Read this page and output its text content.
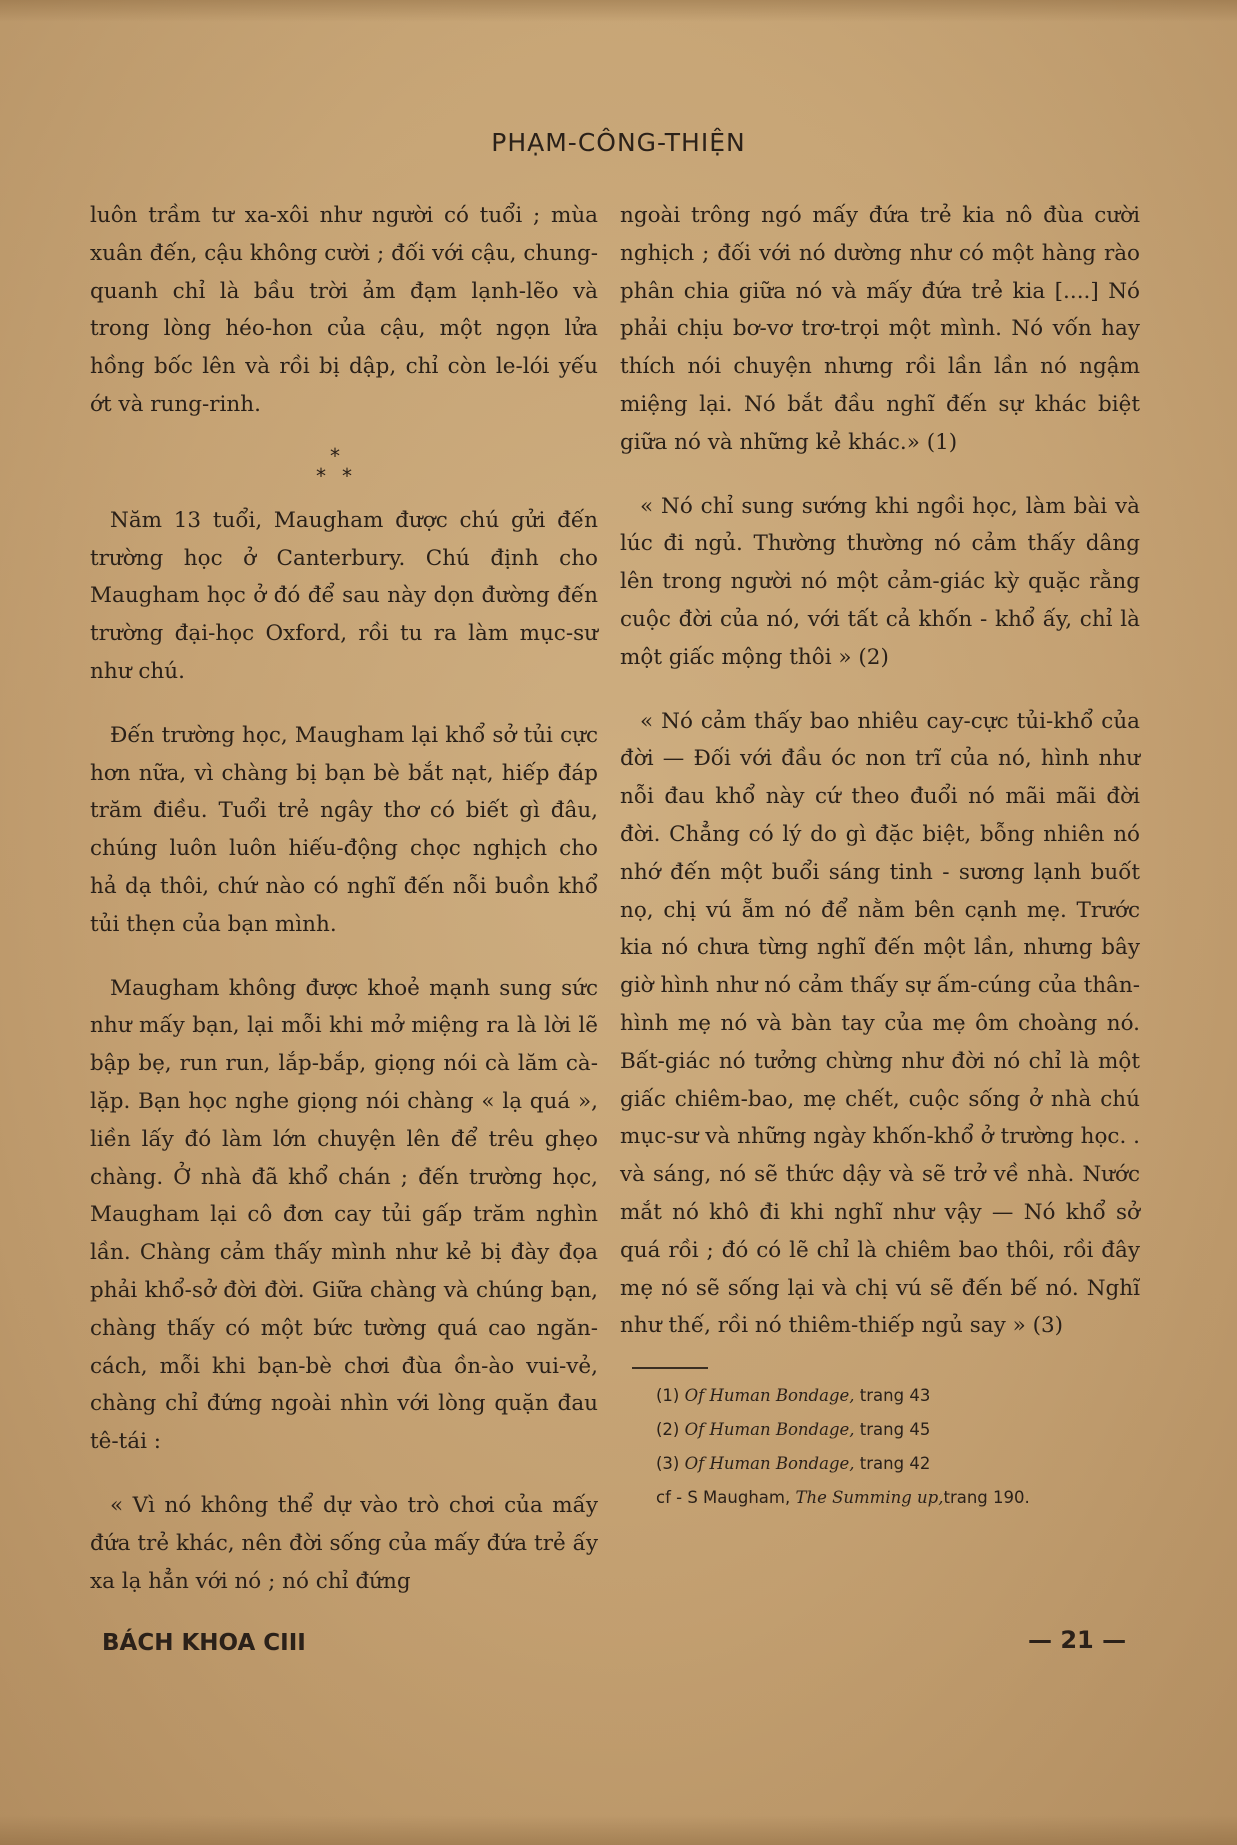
PHẠM-CÔNG-THIỆN

luôn trầm tư xa-xôi như người có tuổi ; mùa xuân đến, cậu không cười ; đối với cậu, chung-quanh chỉ là bầu trời ảm đạm lạnh-lẽo và trong lòng héo-hon của cậu, một ngọn lửa hồng bốc lên và rồi bị dập, chỉ còn le-lói yếu ớt và rung-rinh.

*
* *

Năm 13 tuổi, Maugham được chú gửi đến trường học ở Canterbury. Chú định cho Maugham học ở đó để sau này dọn đường đến trường đại-học Oxford, rồi tu ra làm mục-sư như chú.

Đến trường học, Maugham lại khổ sở tủi cực hơn nữa, vì chàng bị bạn bè bắt nạt, hiếp đáp trăm điều. Tuổi trẻ ngây thơ có biết gì đâu, chúng luôn luôn hiếu-động chọc nghịch cho hả dạ thôi, chứ nào có nghĩ đến nỗi buồn khổ tủi thẹn của bạn mình.

Maugham không được khoẻ mạnh sung sức như mấy bạn, lại mỗi khi mở miệng ra là lời lẽ bập bẹ, run run, lắp-bắp, giọng nói cà lăm cà-lặp. Bạn học nghe giọng nói chàng « lạ quá », liền lấy đó làm lớn chuyện lên để trêu ghẹo chàng. Ở nhà đã khổ chán ; đến trường học, Maugham lại cô đơn cay tủi gấp trăm nghìn lần. Chàng cảm thấy mình như kẻ bị đày đọa phải khổ-sở đời đời. Giữa chàng và chúng bạn, chàng thấy có một bức tường quá cao ngăn-cách, mỗi khi bạn-bè chơi đùa ồn-ào vui-vẻ, chàng chỉ đứng ngoài nhìn với lòng quặn đau tê-tái :

« Vì nó không thể dự vào trò chơi của mấy đứa trẻ khác, nên đời sống của mấy đứa trẻ ấy xa lạ hẳn với nó ; nó chỉ đứng

ngoài trông ngó mấy đứa trẻ kia nô đùa cười nghịch ; đối với nó dường như có một hàng rào phân chia giữa nó và mấy đứa trẻ kia [....] Nó phải chịu bơ-vơ trơ-trọi một mình. Nó vốn hay thích nói chuyện nhưng rồi lần lần nó ngậm miệng lại. Nó bắt đầu nghĩ đến sự khác biệt giữa nó và những kẻ khác.» (1)

« Nó chỉ sung sướng khi ngồi học, làm bài và lúc đi ngủ. Thường thường nó cảm thấy dâng lên trong người nó một cảm-giác kỳ quặc rằng cuộc đời của nó, với tất cả khốn - khổ ấy, chỉ là một giấc mộng thôi » (2)

« Nó cảm thấy bao nhiêu cay-cực tủi-khổ của đời — Đối với đầu óc non trĩ của nó, hình như nỗi đau khổ này cứ theo đuổi nó mãi mãi đời đời. Chẳng có lý do gì đặc biệt, bỗng nhiên nó nhớ đến một buổi sáng tinh - sương lạnh buốt nọ, chị vú ẵm nó để nằm bên cạnh mẹ. Trước kia nó chưa từng nghĩ đến một lần, nhưng bây giờ hình như nó cảm thấy sự ấm-cúng của thân-hình mẹ nó và bàn tay của mẹ ôm choàng nó. Bất-giác nó tưởng chừng như đời nó chỉ là một giấc chiêm-bao, mẹ chết, cuộc sống ở nhà chú mục-sư và những ngày khốn-khổ ở trường học. . và sáng, nó sẽ thức dậy và sẽ trở về nhà. Nước mắt nó khô đi khi nghĩ như vậy — Nó khổ sở quá rồi ; đó có lẽ chỉ là chiêm bao thôi, rồi đây mẹ nó sẽ sống lại và chị vú sẽ đến bế nó. Nghĩ như thế, rồi nó thiêm-thiếp ngủ say » (3)

(1) Of Human Bondage, trang 43
(2) Of Human Bondage, trang 45
(3) Of Human Bondage, trang 42
cf - S Maugham, The Summing up,trang 190.
BÁCH KHOA CIII	— 21 —
